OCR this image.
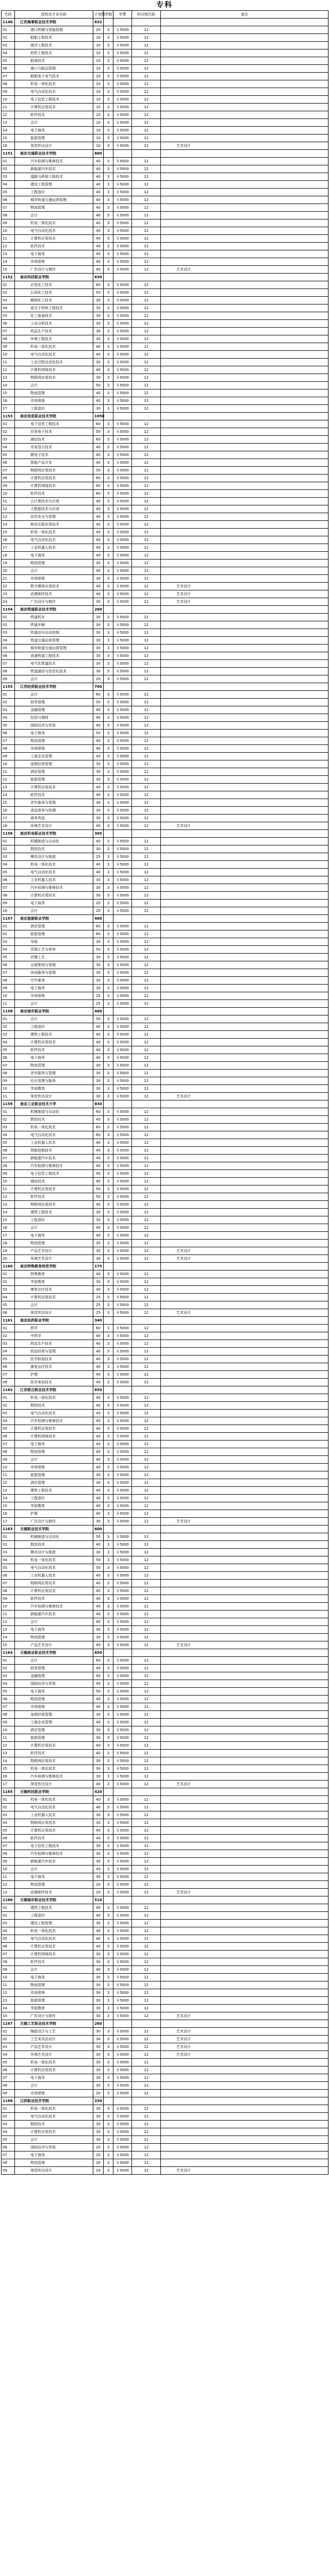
专科
代码	院校及专业名称	计划数	学制	学费	科目组代码	备注
1146	江苏海事职业技术学院	632				
01	港口机械与智能控制	20	3	￥5000	12	
02	船舶工程技术	10	3	￥5000	12	
03	海洋工程技术	10	3	￥5000	12	
04	轮机工程技术	10	3	￥5000	12	
05	航海技术	10	3	￥5000	12	
06	港口与航运管理	10	3	￥5000	12	
07	船舶电子电气技术	10	3	￥5000	12	
08	机电一体化技术	10	3	￥5000	12	
09	电气自动化技术	10	3	￥5000	12	
10	电子信息工程技术	10	3	￥5000	12	
11	计算机应用技术	10	3	￥5000	12	
12	软件技术	10	3	￥5000	12	
13	会计	10	3	￥5000	12	
14	电子商务	10	3	￥5000	12	
15	旅游管理	10	3	￥5000	12	
16	视觉传达设计	10	3	￥5000	12	艺术设计
1151	南京交通职业技术学院	600				
01	汽车检测与维修技术	40	3	￥5000	12	
02	新能源汽车技术	40	3	￥5000	12	
03	道路与桥梁工程技术	40	3	￥5000	12	
04	建设工程管理	40	3	￥5000	12	
05	工程造价	40	3	￥5000	12	
06	城市轨道交通运营管理	40	3	￥5000	12	
07	物流管理	40	3	￥5000	12	
08	会计	40	3	￥5000	12	
09	机电一体化技术	40	3	￥5000	12	
10	电气自动化技术	40	3	￥5000	12	
11	计算机应用技术	40	3	￥5000	12	
12	软件技术	40	3	￥5000	12	
13	电子商务	40	3	￥5000	12	
14	市场营销	40	3	￥5000	12	
15	广告设计与制作	40	3	￥5000	12	艺术设计
1152	南京科技职业学院	630				
01	应用化工技术	60	3	￥5000	12	
02	石油化工技术	50	3	￥5000	12	
03	精细化工技术	30	3	￥5000	12	
04	高分子材料工程技术	30	3	￥5000	12	
05	化工装备技术	30	3	￥5000	12	
06	工业分析技术	30	3	￥5000	12	
07	药品生产技术	30	3	￥5000	12	
08	环境工程技术	30	3	￥5000	12	
09	机电一体化技术	40	3	￥5000	12	
10	电气自动化技术	40	3	￥5000	12	
11	工业过程自动化技术	30	3	￥5000	12	
12	计算机网络技术	40	3	￥5000	12	
13	物联网应用技术	30	3	￥5000	12	
14	会计	50	3	￥5000	12	
15	物流管理	40	3	￥5000	12	
16	市场营销	40	3	￥5000	12	
17	工程造价	30	3	￥5000	12	
1153	南京信息职业技术学院	1050				
01	电子信息工程技术	60	3	￥5000	12	
02	应用电子技术	50	3	￥5000	12	
03	通信技术	60	3	￥5000	12	
04	光电显示技术	40	3	￥5000	12	
05	微电子技术	40	3	￥5000	12	
06	智能产品开发	40	3	￥5000	12	
07	物联网应用技术	50	3	￥5000	12	
08	计算机应用技术	60	3	￥5000	12	
09	计算机网络技术	60	3	￥5000	12	
10	软件技术	60	3	￥5000	12	
11	云计算技术与应用	40	3	￥5000	12	
12	大数据技术与应用	40	3	￥5000	12	
13	信息安全与管理	40	3	￥5000	12	
14	移动互联应用技术	40	3	￥5000	12	
15	机电一体化技术	40	3	￥5000	12	
16	电气自动化技术	40	3	￥5000	12	
17	工业机器人技术	40	3	￥5000	12	
18	电子商务	40	3	￥5000	12	
19	物流管理	30	3	￥5000	12	
20	会计	40	3	￥5000	12	
21	市场营销	30	3	￥5000	12	
22	数字媒体应用技术	40	3	￥5000	12	艺术设计
23	动漫制作技术	40	3	￥5000	12	艺术设计
24	广告设计与制作	30	3	￥5000	12	艺术设计
1154	南京铁道职业技术学院	260				
01	铁道机车	30	3	￥5000	12	
02	铁道车辆	30	3	￥5000	12	
03	铁道信号自动控制	30	3	￥5000	12	
04	铁道交通运营管理	30	3	￥5000	12	
05	城市轨道交通运营管理	30	3	￥5000	12	
06	高速铁道工程技术	30	3	￥5000	12	
07	电气化铁道技术	30	3	￥5000	12	
08	铁道通信与信息化技术	30	3	￥5000	12	
09	会计	20	3	￥5000	12	
1155	江苏经贸职业技术学院	700				
01	会计	60	3	￥5000	12	
02	财务管理	50	3	￥5000	12	
03	金融管理	40	3	￥5000	12	
04	投资与理财	40	3	￥5000	12	
05	国际经济与贸易	40	3	￥5000	12	
06	电子商务	50	3	￥5000	12	
07	物流管理	40	3	￥5000	12	
08	市场营销	40	3	￥5000	12	
09	工商企业管理	40	3	￥5000	12	
10	连锁经营管理	30	3	￥5000	12	
11	酒店管理	30	3	￥5000	12	
12	旅游管理	30	3	￥5000	12	
13	计算机应用技术	40	3	￥5000	12	
14	软件技术	40	3	￥5000	12	
15	老年服务与管理	30	3	￥5000	12	
16	食品营养与检测	30	3	￥5000	12	
17	商务英语	30	3	￥5000	12	
18	环境艺术设计	40	3	￥5000	12	艺术设计
1156	南京机电职业技术学院	305				
01	机械制造与自动化	40	3	￥5000	12	
02	数控技术	30	3	￥5000	12	
03	模具设计与制造	25	3	￥5000	12	
04	机电一体化技术	40	3	￥5000	12	
05	电气自动化技术	40	3	￥5000	12	
06	工业机器人技术	30	3	￥5000	12	
07	汽车检测与维修技术	30	3	￥5000	12	
08	计算机应用技术	30	3	￥5000	12	
09	电子商务	20	3	￥5000	12	
10	会计	20	3	￥5000	12	
1157	南京旅游职业学院	400				
01	酒店管理	60	3	￥5000	12	
02	旅游管理	60	3	￥5000	12	
03	导游	30	3	￥5000	12	
04	烹调工艺与营养	50	3	￥5000	12	
05	西餐工艺	30	3	￥5000	12	
06	会展策划与管理	30	3	￥5000	12	
07	休闲服务与管理	30	3	￥5000	12	
08	空中乘务	30	3	￥5000	12	
09	电子商务	30	3	￥5000	12	
10	市场营销	25	3	￥5000	12	
11	会计	25	3	￥5000	12	
1158	南京城市职业学院	400				
01	会计	50	3	￥5000	12	
02	工程造价	40	3	￥5000	12	
03	建筑工程技术	40	3	￥5000	12	
04	计算机应用技术	40	3	￥5000	12	
05	软件技术	40	3	￥5000	12	
06	电子商务	40	3	￥5000	12	
07	物流管理	30	3	￥5000	12	
08	老年服务与管理	30	3	￥5000	12	
09	社区管理与服务	30	3	￥5000	12	
10	学前教育	30	3	￥5000	12	
11	视觉传达设计	30	3	￥5000	12	艺术设计
1159	南京工业职业技术大学	830				
01	机械制造与自动化	60	3	￥5000	12	
02	数控技术	40	3	￥5000	12	
03	机电一体化技术	60	3	￥5000	12	
04	电气自动化技术	60	3	￥5000	12	
05	工业机器人技术	40	3	￥5000	12	
06	智能控制技术	40	3	￥5000	12	
07	新能源汽车技术	40	3	￥5000	12	
08	汽车检测与维修技术	40	3	￥5000	12	
09	电子信息工程技术	40	3	￥5000	12	
10	通信技术	40	3	￥5000	12	
11	计算机应用技术	50	3	￥5000	12	
12	软件技术	50	3	￥5000	12	
13	物联网应用技术	40	3	￥5000	12	
14	建筑工程技术	30	3	￥5000	12	
15	工程造价	30	3	￥5000	12	
16	会计	40	3	￥5000	12	
17	电子商务	40	3	￥5000	12	
18	物流管理	30	3	￥5000	12	
19	产品艺术设计	30	3	￥5000	12	艺术设计
20	环境艺术设计	30	3	￥5000	12	艺术设计
1160	南京特殊教育师范学院	175				
01	特殊教育	40	3	￥5000	12	
02	学前教育	30	3	￥5000	12	
03	康复治疗技术	30	3	￥5000	12	
04	计算机应用技术	25	3	￥5000	12	
05	会计	25	3	￥5000	12	
06	视觉传达设计	25	3	￥5000	12	艺术设计
1161	南京医药职业学院	340				
01	药学	60	3	￥5000	12	
02	中药学	40	3	￥5000	12	
03	药品生产技术	40	3	￥5000	12	
04	药品经营与管理	40	3	￥5000	12	
05	医学检验技术	40	3	￥5000	12	
06	康复治疗技术	40	3	￥5000	12	
07	护理	40	3	￥5000	12	
08	医学美容技术	40	3	￥5000	12	
1162	江苏联合职业技术学院	650				
01	机电一体化技术	40	3	￥5000	12	
02	数控技术	40	3	￥5000	12	
03	电气自动化技术	40	3	￥5000	12	
04	汽车检测与维修技术	40	3	￥5000	12	
05	计算机应用技术	40	3	￥5000	12	
06	计算机网络技术	40	3	￥5000	12	
07	电子商务	40	3	￥5000	12	
08	物流管理	40	3	￥5000	12	
09	会计	40	3	￥5000	12	
10	市场营销	40	3	￥5000	12	
11	旅游管理	30	3	￥5000	12	
12	酒店管理	30	3	￥5000	12	
13	建筑工程技术	40	3	￥5000	12	
14	工程造价	40	3	￥5000	12	
15	学前教育	40	3	￥5000	12	
16	护理	40	3	￥5000	12	
17	广告设计与制作	30	3	￥5000	12	艺术设计
1163	无锡职业技术学院	600				
01	机械制造与自动化	50	3	￥5000	12	
02	数控技术	40	3	￥5000	12	
03	模具设计与制造	30	3	￥5000	12	
04	机电一体化技术	50	3	￥5000	12	
05	电气自动化技术	50	3	￥5000	12	
06	工业机器人技术	40	3	￥5000	12	
07	物联网应用技术	40	3	￥5000	12	
08	计算机应用技术	40	3	￥5000	12	
09	软件技术	40	3	￥5000	12	
10	汽车检测与维修技术	40	3	￥5000	12	
11	新能源汽车技术	40	3	￥5000	12	
12	会计	40	3	￥5000	12	
13	电子商务	30	3	￥5000	12	
14	物流管理	30	3	￥5000	12	
15	产品艺术设计	40	3	￥5000	12	艺术设计
1164	无锡商业职业技术学院	650				
01	会计	60	3	￥5000	12	
02	财务管理	40	3	￥5000	12	
03	金融管理	40	3	￥5000	12	
04	国际经济与贸易	40	3	￥5000	12	
05	电子商务	50	3	￥5000	12	
06	物流管理	40	3	￥5000	12	
07	市场营销	40	3	￥5000	12	
08	连锁经营管理	30	3	￥5000	12	
09	工商企业管理	40	3	￥5000	12	
10	酒店管理	30	3	￥5000	12	
11	旅游管理	30	3	￥5000	12	
12	计算机应用技术	40	3	￥5000	12	
13	软件技术	40	3	￥5000	12	
14	物联网应用技术	30	3	￥5000	12	
15	机电一体化技术	30	3	￥5000	12	
16	汽车检测与维修技术	30	3	￥5000	12	
17	视觉传达设计	40	3	￥5000	12	艺术设计
1165	无锡科技职业学院	420				
01	机电一体化技术	40	3	￥5000	12	
02	电气自动化技术	40	3	￥5000	12	
03	工业机器人技术	30	3	￥5000	12	
04	物联网应用技术	30	3	￥5000	12	
05	计算机应用技术	40	3	￥5000	12	
06	软件技术	40	3	￥5000	12	
07	电子信息工程技术	30	3	￥5000	12	
08	汽车检测与维修技术	30	3	￥5000	12	
09	新能源汽车技术	30	3	￥5000	12	
10	会计	40	3	￥5000	12	
11	电子商务	30	3	￥5000	12	
12	物流管理	20	3	￥5000	12	
13	动漫制作技术	20	3	￥5000	12	艺术设计
1166	无锡城市职业技术学院	510				
01	建筑工程技术	40	3	￥5000	12	
02	工程造价	40	3	￥5000	12	
03	建设工程管理	30	3	￥5000	12	
04	机电一体化技术	40	3	￥5000	12	
05	电气自动化技术	40	3	￥5000	12	
06	计算机应用技术	40	3	￥5000	12	
07	计算机网络技术	30	3	￥5000	12	
08	软件技术	30	3	￥5000	12	
09	会计	40	3	￥5000	12	
10	电子商务	30	3	￥5000	12	
11	物流管理	30	3	￥5000	12	
12	市场营销	30	3	￥5000	12	
13	旅游管理	30	3	￥5000	12	
14	学前教育	30	3	￥5000	12	
15	广告设计与制作	30	3	￥5000	12	艺术设计
1167	无锡工艺职业技术学院	260				
01	陶瓷设计与工艺	30	3	￥5000	12	艺术设计
02	工艺美术品设计	30	3	￥5000	12	艺术设计
03	产品艺术设计	30	3	￥5000	12	艺术设计
04	环境艺术设计	30	3	￥5000	12	艺术设计
05	机电一体化技术	30	3	￥5000	12	
06	计算机应用技术	30	3	￥5000	12	
07	电子商务	30	3	￥5000	12	
08	会计	30	3	￥5000	12	
09	市场营销	20	3	￥5000	12	
1168	江阴职业技术学院	230				
01	机电一体化技术	30	3	￥5000	12	
02	电气自动化技术	30	3	￥5000	12	
03	数控技术	30	3	￥5000	12	
04	计算机应用技术	30	3	￥5000	12	
05	会计	30	3	￥5000	12	
06	国际经济与贸易	20	3	￥5000	12	
07	电子商务	20	3	￥5000	12	
08	物流管理	20	3	￥5000	12	
09	视觉传达设计	20	3	￥5000	12	艺术设计
